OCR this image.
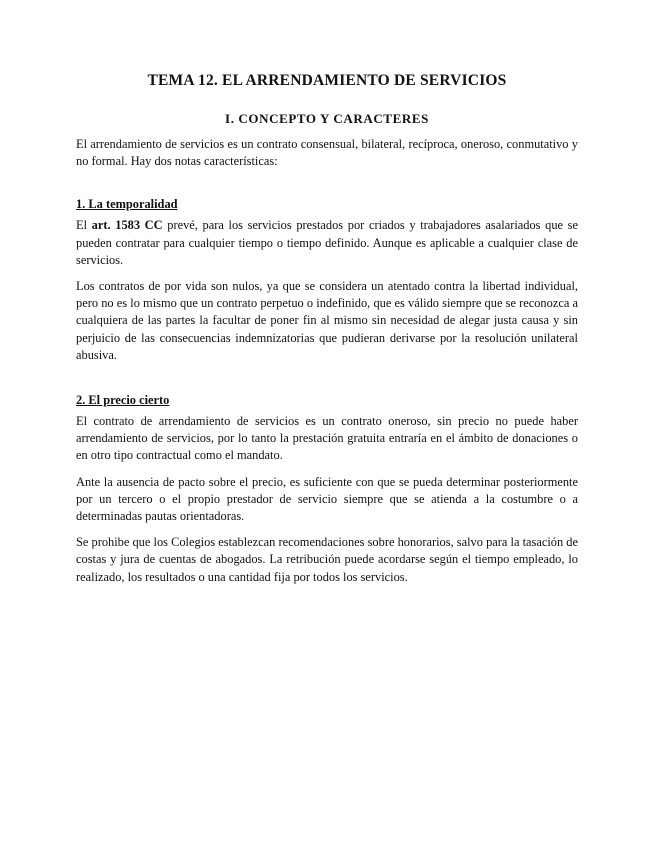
TEMA 12. EL ARRENDAMIENTO DE SERVICIOS
I. CONCEPTO Y CARACTERES

El arrendamiento de servicios es un contrato consensual, bilateral, recíproca, oneroso, conmutativo y no formal. Hay dos notas características:

1. La temporalidad

El art. 1583 CC prevé, para los servicios prestados por criados y trabajadores asalariados que se pueden contratar para cualquier tiempo o tiempo definido. Aunque es aplicable a cualquier clase de servicios.

Los contratos de por vida son nulos, ya que se considera un atentado contra la libertad individual, pero no es lo mismo que un contrato perpetuo o indefinido, que es válido siempre que se reconozca a cualquiera de las partes la facultar de poner fin al mismo sin necesidad de alegar justa causa y sin perjuicio de las consecuencias indemnizatorias que pudieran derivarse por la resolución unilateral abusiva.

2. El precio cierto

El contrato de arrendamiento de servicios es un contrato oneroso, sin precio no puede haber arrendamiento de servicios, por lo tanto la prestación gratuita entraría en el ámbito de donaciones o en otro tipo contractual como el mandato.

Ante la ausencia de pacto sobre el precio, es suficiente con que se pueda determinar posteriormente por un tercero o el propio prestador de servicio siempre que se atienda a la costumbre o a determinadas pautas orientadoras.

Se prohibe que los Colegios establezcan recomendaciones sobre honorarios, salvo para la tasación de costas y jura de cuentas de abogados. La retribución puede acordarse según el tiempo empleado, lo realizado, los resultados o una cantidad fija por todos los servicios.
